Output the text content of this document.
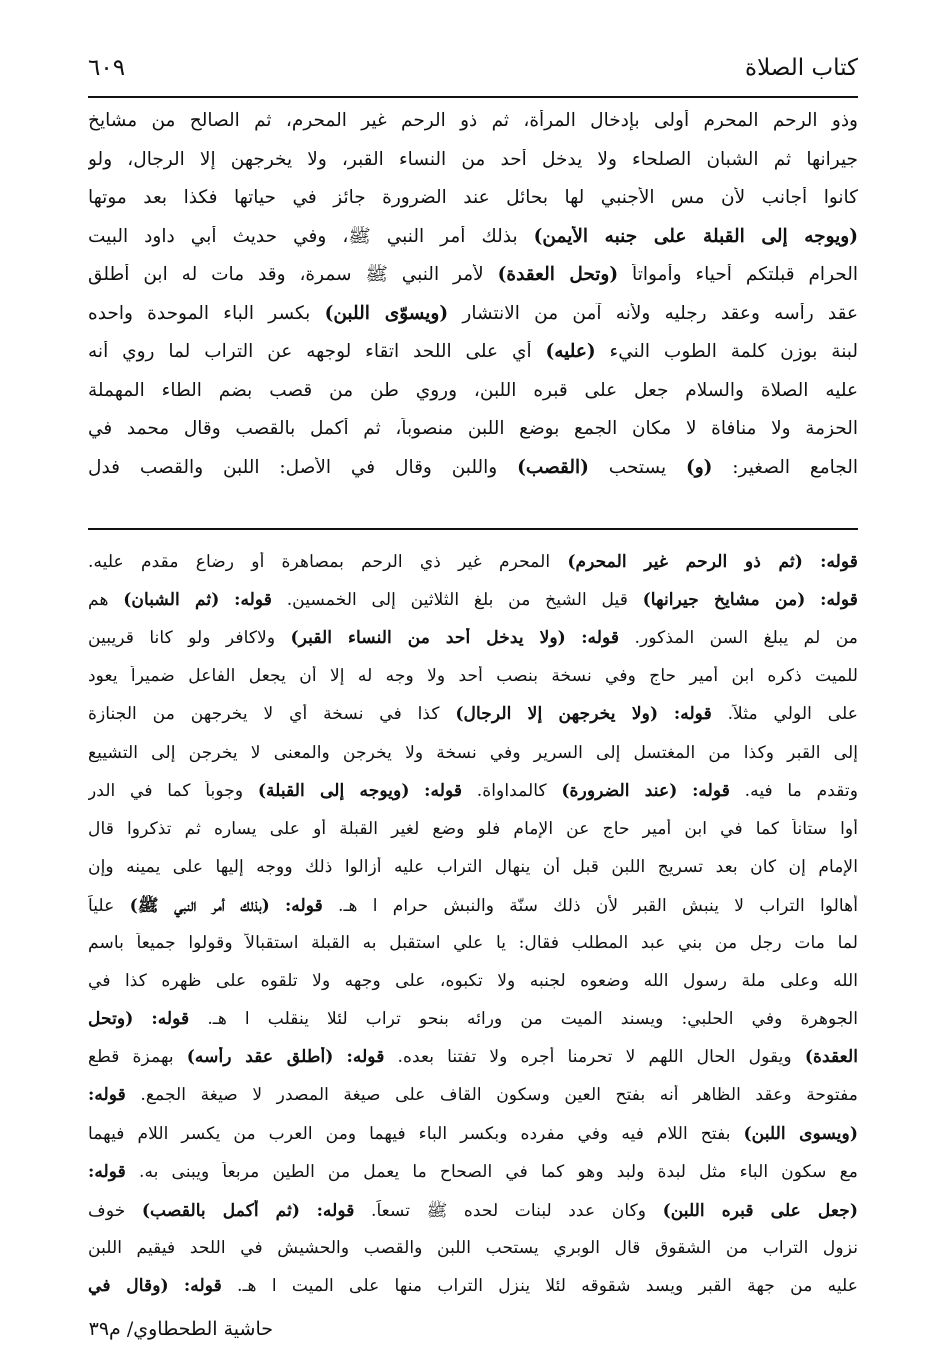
كتاب الصلاة
٦٠٩
وذو الرحم المحرم أولى بإدخال المرأة، ثم ذو الرحم غير المحرم، ثم الصالح من مشايخ
جيرانها ثم الشبان الصلحاء ولا يدخل أحد من النساء القبر، ولا يخرجهن إلا الرجال، ولو
كانوا أجانب لأن مس الأجنبي لها بحائل عند الضرورة جائز في حياتها فكذا بعد موتها
(ويوجه إلى القبلة على جنبه الأيمن) بذلك أمر النبي ﷺ، وفي حديث أبي داود البيت
الحرام قبلتكم أحياء وأمواتاً (وتحل العقدة) لأمر النبي ﷺ سمرة، وقد مات له ابن أطلق
عقد رأسه وعقد رجليه ولأنه آمن من الانتشار (ويسوّى اللبن) بكسر الباء الموحدة واحده
لبنة بوزن كلمة الطوب النيء (عليه) أي على اللحد اتقاء لوجهه عن التراب لما روي أنه
عليه الصلاة والسلام جعل على قبره اللبن، وروي طن من قصب بضم الطاء المهملة
الحزمة ولا منافاة لا مكان الجمع بوضع اللبن منصوباً، ثم أكمل بالقصب وقال محمد في
الجامع الصغير: (و) يستحب (القصب) واللبن وقال في الأصل: اللبن والقصب فدل
قوله: (ثم ذو الرحم غير المحرم) المحرم غير ذي الرحم بمصاهرة أو رضاع مقدم عليه.
قوله: (من مشايخ جيرانها) قيل الشيخ من بلغ الثلاثين إلى الخمسين. قوله: (ثم الشبان) هم
من لم يبلغ السن المذكور. قوله: (ولا يدخل أحد من النساء القبر) ولاكافر ولو كانا قريبين
للميت ذكره ابن أمير حاج وفي نسخة بنصب أحد ولا وجه له إلا أن يجعل الفاعل ضميراً يعود
على الولي مثلاً. قوله: (ولا يخرجهن إلا الرجال) كذا في نسخة أي لا يخرجهن من الجنازة
إلى القبر وكذا من المغتسل إلى السرير وفي نسخة ولا يخرجن والمعنى لا يخرجن إلى التشييع
وتقدم ما فيه. قوله: (عند الضرورة) كالمداواة. قوله: (ويوجه إلى القبلة) وجوباً كما في الدر
أوا ستاناً كما في ابن أمير حاج عن الإمام فلو وضع لغير القبلة أو على يساره ثم تذكروا قال
الإمام إن كان بعد تسريج اللبن قبل أن ينهال التراب عليه أزالوا ذلك ووجه إليها على يمينه وإن
أهالوا التراب لا ينبش القبر لأن ذلك سنّة والنبش حرام ا هـ. قوله: (بذلك أمر النبي ﷺ) علياً
لما مات رجل من بني عبد المطلب فقال: يا علي استقبل به القبلة استقبالاً وقولوا جميعاً باسم
الله وعلى ملة رسول الله وضعوه لجنبه ولا تكبوه، على وجهه ولا تلقوه على ظهره كذا في
الجوهرة وفي الحلبي: ويسند الميت من ورائه بنحو تراب لئلا ينقلب ا هـ. قوله: (وتحل
العقدة) ويقول الحال اللهم لا تحرمنا أجره ولا تفتنا بعده. قوله: (أطلق عقد رأسه) بهمزة قطع
مفتوحة وعقد الظاهر أنه بفتح العين وسكون القاف على صيغة المصدر لا صيغة الجمع. قوله:
(ويسوى اللبن) بفتح اللام فيه وفي مفرده وبكسر الباء فيهما ومن العرب من يكسر اللام فيهما
مع سكون الباء مثل لبدة ولبد وهو كما في الصحاح ما يعمل من الطين مربعاً ويبنى به. قوله:
(جعل على قبره اللبن) وكان عدد لبنات لحده ﷺ تسعاً. قوله: (ثم أكمل بالقصب) خوف
نزول التراب من الشقوق قال الوبري يستحب اللبن والقصب والحشيش في اللحد فيقيم اللبن
عليه من جهة القبر ويسد شقوقه لئلا ينزل التراب منها على الميت ا هـ. قوله: (وقال في
حاشية الطحطاوي/ م٣٩
